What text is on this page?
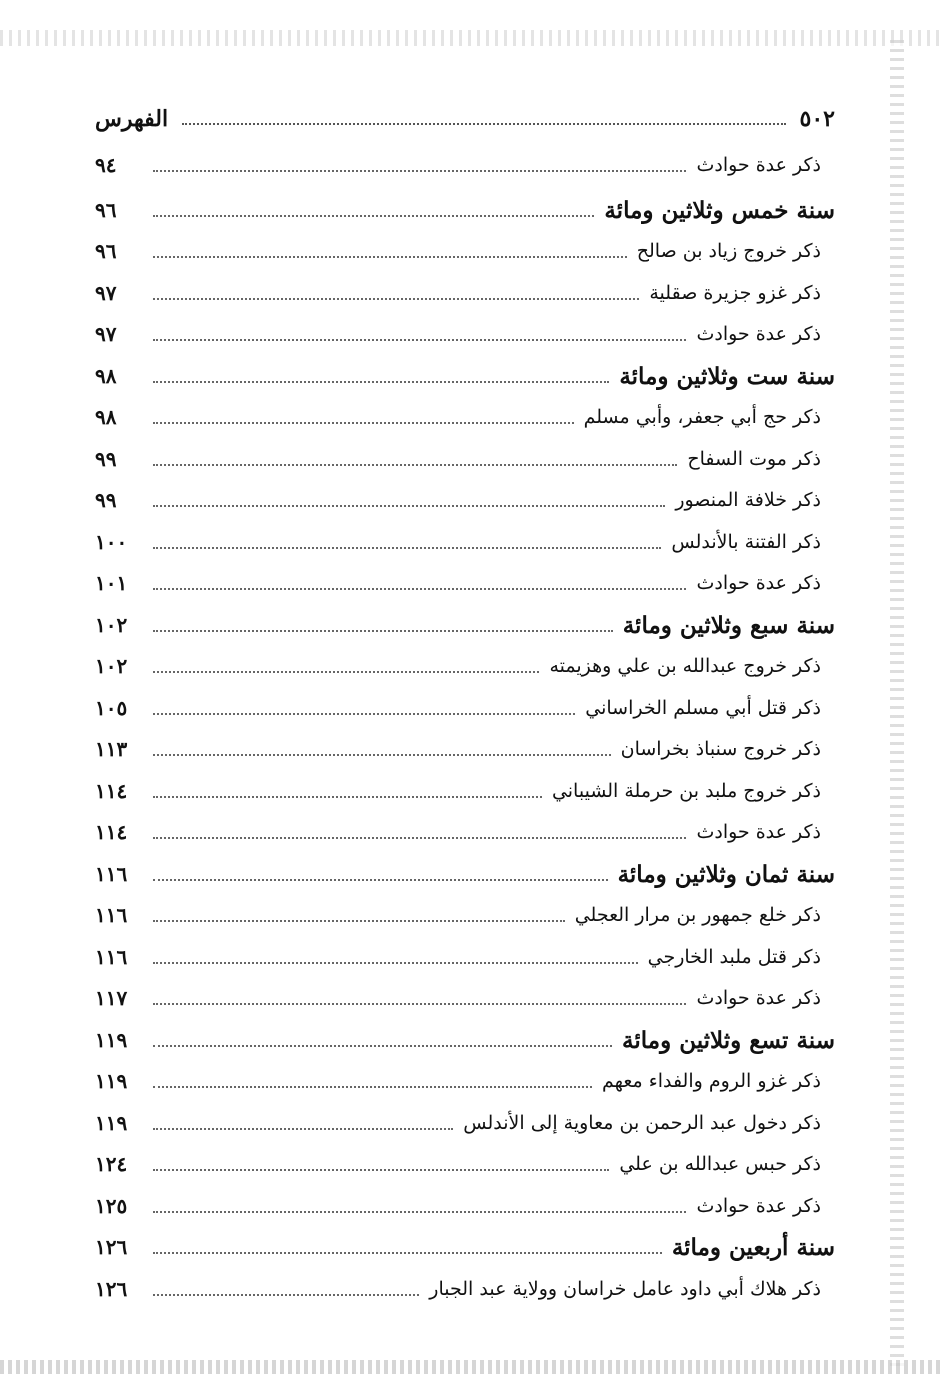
٥٠٢
الفهرس
ذكر عدة حوادث
٩٤
سنة خمس وثلاثين ومائة
٩٦
ذكر خروج زياد بن صالح
٩٦
ذكر غزو جزيرة صقلية
٩٧
ذكر عدة حوادث
٩٧
سنة ست وثلاثين ومائة
٩٨
ذكر حج أبي جعفر، وأبي مسلم
٩٨
ذكر موت السفاح
٩٩
ذكر خلافة المنصور
٩٩
ذكر الفتنة بالأندلس
١٠٠
ذكر عدة حوادث
١٠١
سنة سبع وثلاثين ومائة
١٠٢
ذكر خروج عبدالله بن علي وهزيمته
١٠٢
ذكر قتل أبي مسلم الخراساني
١٠٥
ذكر خروج سنباذ بخراسان
١١٣
ذكر خروج ملبد بن حرملة الشيباني
١١٤
ذكر عدة حوادث
١١٤
سنة ثمان وثلاثين ومائة
١١٦
ذكر خلع جمهور بن مرار العجلي
١١٦
ذكر قتل ملبد الخارجي
١١٦
ذكر عدة حوادث
١١٧
سنة تسع وثلاثين ومائة
١١٩
ذكر غزو الروم والفداء معهم
١١٩
ذكر دخول عبد الرحمن بن معاوية إلى الأندلس
١١٩
ذكر حبس عبدالله بن علي
١٢٤
ذكر عدة حوادث
١٢٥
سنة أربعين ومائة
١٢٦
ذكر هلاك أبي داود عامل خراسان وولاية عبد الجبار
١٢٦
